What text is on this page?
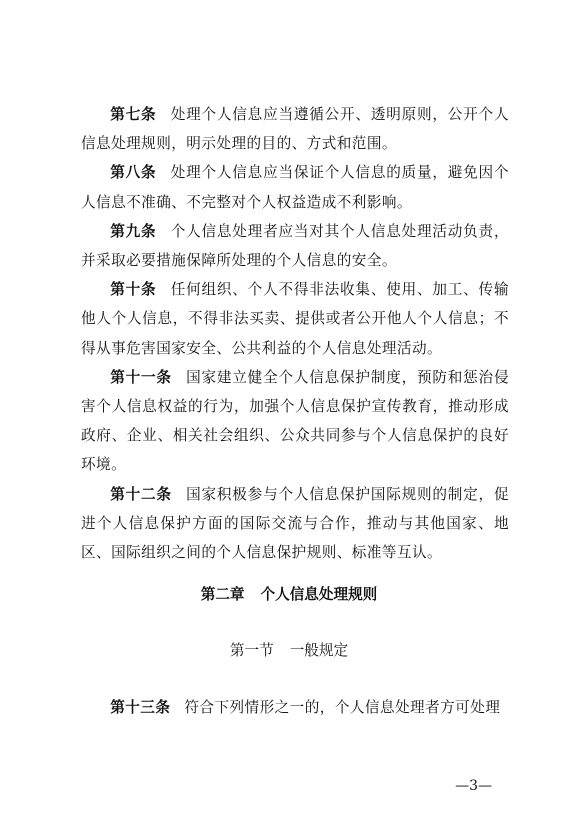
第七条 处理个人信息应当遵循公开、透明原则，公开个人信息处理规则，明示处理的目的、方式和范围。

第八条 处理个人信息应当保证个人信息的质量，避免因个人信息不准确、不完整对个人权益造成不利影响。

第九条 个人信息处理者应当对其个人信息处理活动负责，并采取必要措施保障所处理的个人信息的安全。

第十条 任何组织、个人不得非法收集、使用、加工、传输他人个人信息，不得非法买卖、提供或者公开他人个人信息；不得从事危害国家安全、公共利益的个人信息处理活动。

第十一条 国家建立健全个人信息保护制度，预防和惩治侵害个人信息权益的行为，加强个人信息保护宣传教育，推动形成政府、企业、相关社会组织、公众共同参与个人信息保护的良好环境。

第十二条 国家积极参与个人信息保护国际规则的制定，促进个人信息保护方面的国际交流与合作，推动与其他国家、地区、国际组织之间的个人信息保护规则、标准等互认。

第二章 个人信息处理规则
第一节 一般规定

第十三条 符合下列情形之一的，个人信息处理者方可处理

—3—
